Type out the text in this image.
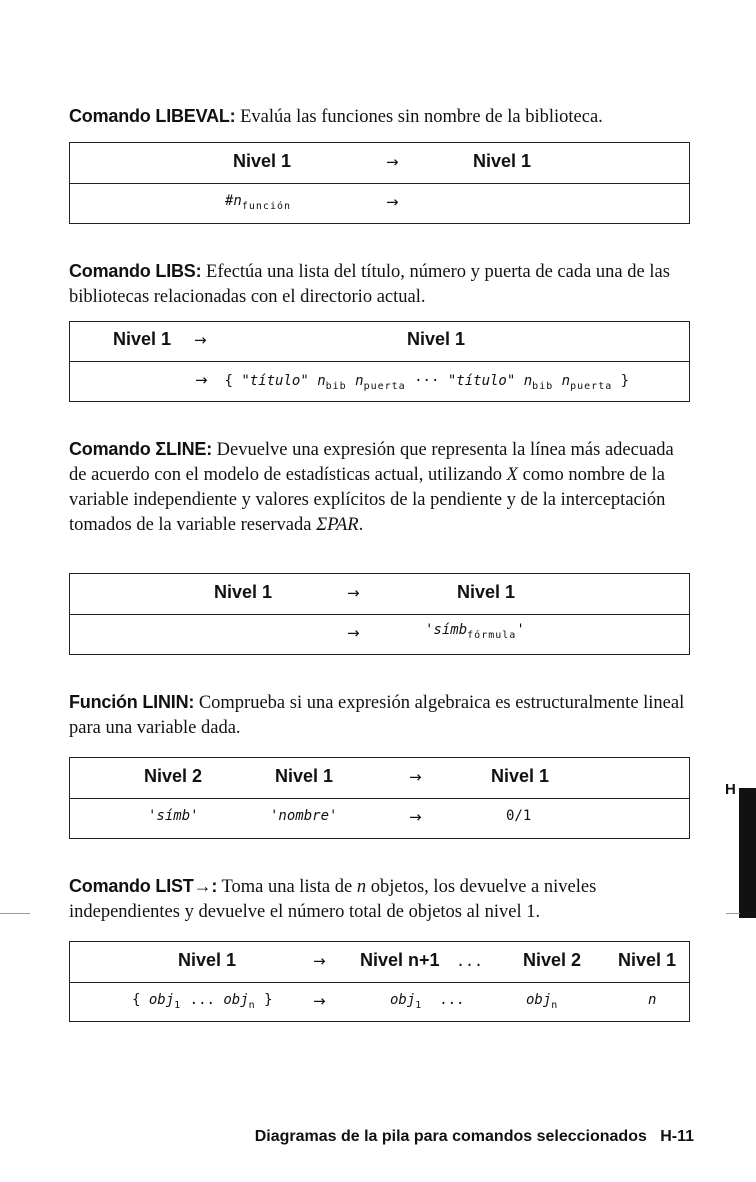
Comando LIBEVAL: Evalúa las funciones sin nombre de la biblioteca.
Nivel 1	→	Nivel 1
$\#n_{función}$	→
Comando LIBS: Efectúa una lista del título, número y puerta de cada una de las bibliotecas relacionadas con el directorio actual.
Nivel 1 →	Nivel 1
→ { "título" $n_{bib}$ $n_{puerta}$ ··· "título" $n_{bib}$ $n_{puerta}$ }
Comando ΣLINE: Devuelve una expresión que representa la línea más adecuada de acuerdo con el modelo de estadísticas actual, utilizando X como nombre de la variable independiente y valores explícitos de la pendiente y de la interceptación tomados de la variable reservada ΣPAR.
Nivel 1	→	Nivel 1
→	'símb$_{fórmula}$'
Función LININ: Comprueba si una expresión algebraica es estructuralmente lineal para una variable dada.
Nivel 2	Nivel 1	→	Nivel 1
'símb'	'nombre'	→	0/1
Comando LIST→: Toma una lista de n objetos, los devuelve a niveles independientes y devuelve el número total de objetos al nivel 1.
Nivel 1	→ Nivel n+1 ... Nivel 2 Nivel 1
{ obj$_1$ ... obj$_n$ }	→	obj$_1$ ...	obj$_n$	n
H
Diagramas de la pila para comandos seleccionados H-11
